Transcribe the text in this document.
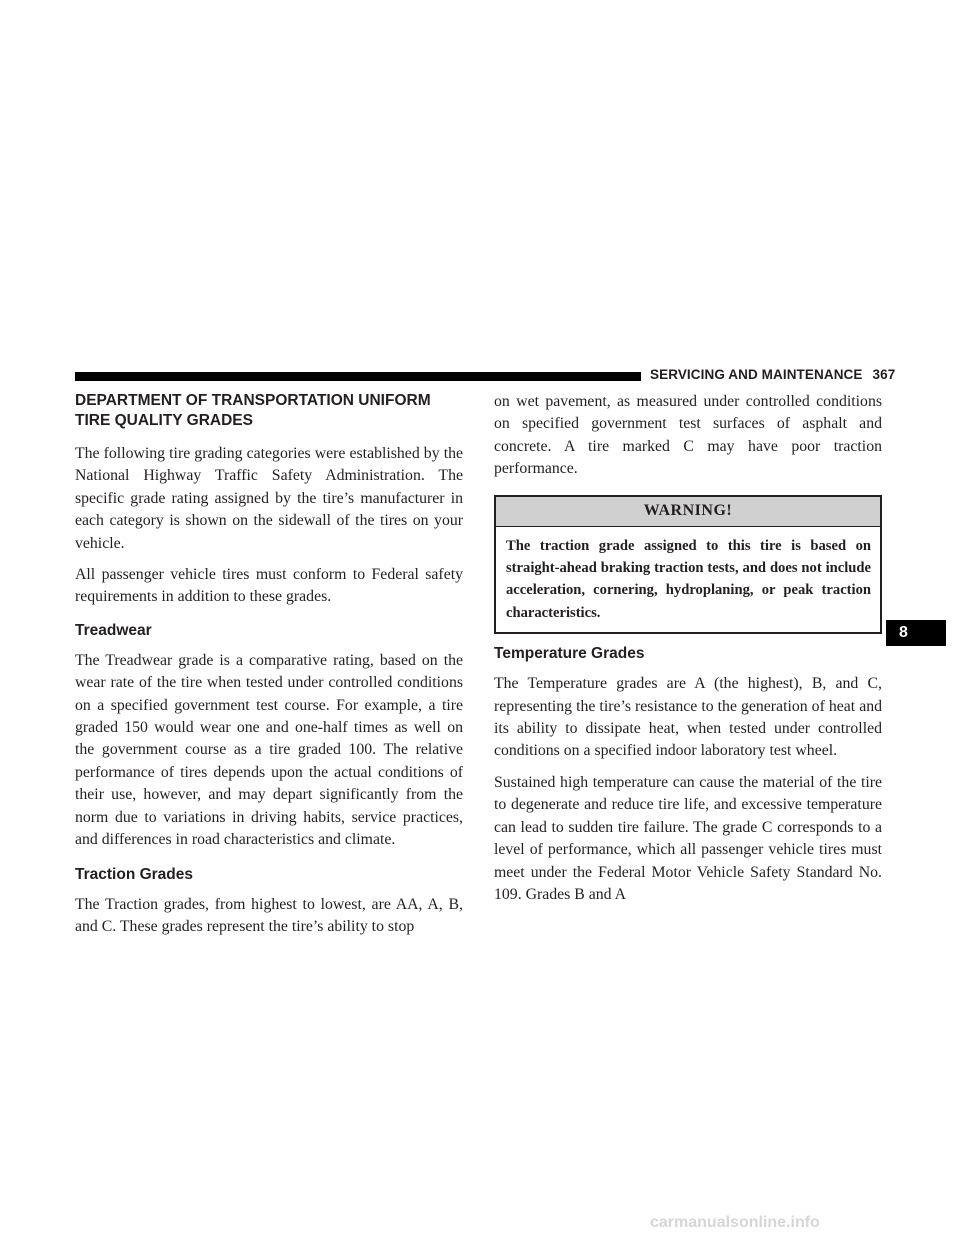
SERVICING AND MAINTENANCE 367
DEPARTMENT OF TRANSPORTATION UNIFORM
TIRE QUALITY GRADES

The following tire grading categories were established by the National Highway Traffic Safety Administration. The specific grade rating assigned by the tire’s manufacturer in each category is shown on the sidewall of the tires on your vehicle.

All passenger vehicle tires must conform to Federal safety requirements in addition to these grades.

Treadwear

The Treadwear grade is a comparative rating, based on the wear rate of the tire when tested under controlled conditions on a specified government test course. For example, a tire graded 150 would wear one and one-half times as well on the government course as a tire graded 100. The relative performance of tires depends upon the actual conditions of their use, however, and may depart significantly from the norm due to variations in driving habits, service practices, and differences in road characteristics and climate.

Traction Grades

The Traction grades, from highest to lowest, are AA, A, B, and C. These grades represent the tire’s ability to stop

on wet pavement, as measured under controlled conditions on specified government test surfaces of asphalt and concrete. A tire marked C may have poor traction performance.

WARNING!
The traction grade assigned to this tire is based on straight-ahead braking traction tests, and does not include acceleration, cornering, hydroplaning, or peak traction characteristics.
Temperature Grades

The Temperature grades are A (the highest), B, and C, representing the tire’s resistance to the generation of heat and its ability to dissipate heat, when tested under controlled conditions on a specified indoor laboratory test wheel.

Sustained high temperature can cause the material of the tire to degenerate and reduce tire life, and excessive temperature can lead to sudden tire failure. The grade C corresponds to a level of performance, which all passenger vehicle tires must meet under the Federal Motor Vehicle Safety Standard No. 109. Grades B and A

8
carmanualsonline.info
